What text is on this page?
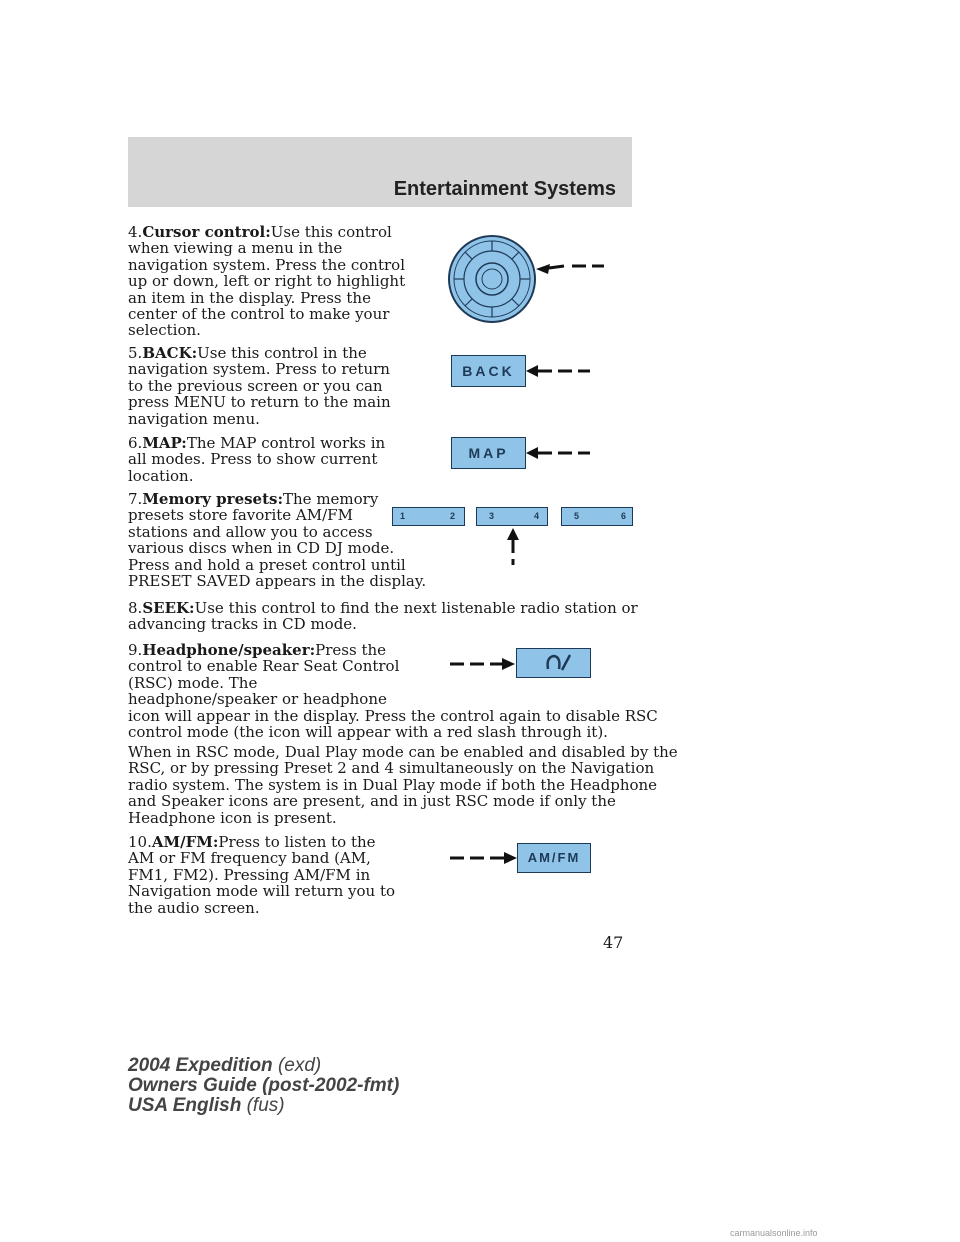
Entertainment Systems
4.Cursor control:Use this control
when viewing a menu in the
navigation system. Press the control
up or down, left or right to highlight
an item in the display. Press the
center of the control to make your
selection.
5.BACK:Use this control in the
navigation system. Press to return
to the previous screen or you can
press MENU to return to the main
navigation menu.
BACK
6.MAP:The MAP control works in
all modes. Press to show current
location.
MAP
7.Memory presets:The memory
presets store favorite AM/FM
stations and allow you to access
various discs when in CD DJ mode.
Press and hold a preset control until
PRESET SAVED appears in the display.
1	2	3	4	5	6
8.SEEK:Use this control to find the next listenable radio station or
advancing tracks in CD mode.
9.Headphone/speaker:Press the
control to enable Rear Seat Control
(RSC) mode. The
headphone/speaker or headphone
icon will appear in the display. Press the control again to disable RSC
control mode (the icon will appear with a red slash through it).
When in RSC mode, Dual Play mode can be enabled and disabled by the
RSC, or by pressing Preset 2 and 4 simultaneously on the Navigation
radio system. The system is in Dual Play mode if both the Headphone
and Speaker icons are present, and in just RSC mode if only the
Headphone icon is present.
10.AM/FM:Press to listen to the
AM or FM frequency band (AM,
FM1, FM2). Pressing AM/FM in
Navigation mode will return you to
the audio screen.
AM/FM
47
2004 Expedition (exd)
Owners Guide (post-2002-fmt)
USA English (fus)
carmanualsonline.info
